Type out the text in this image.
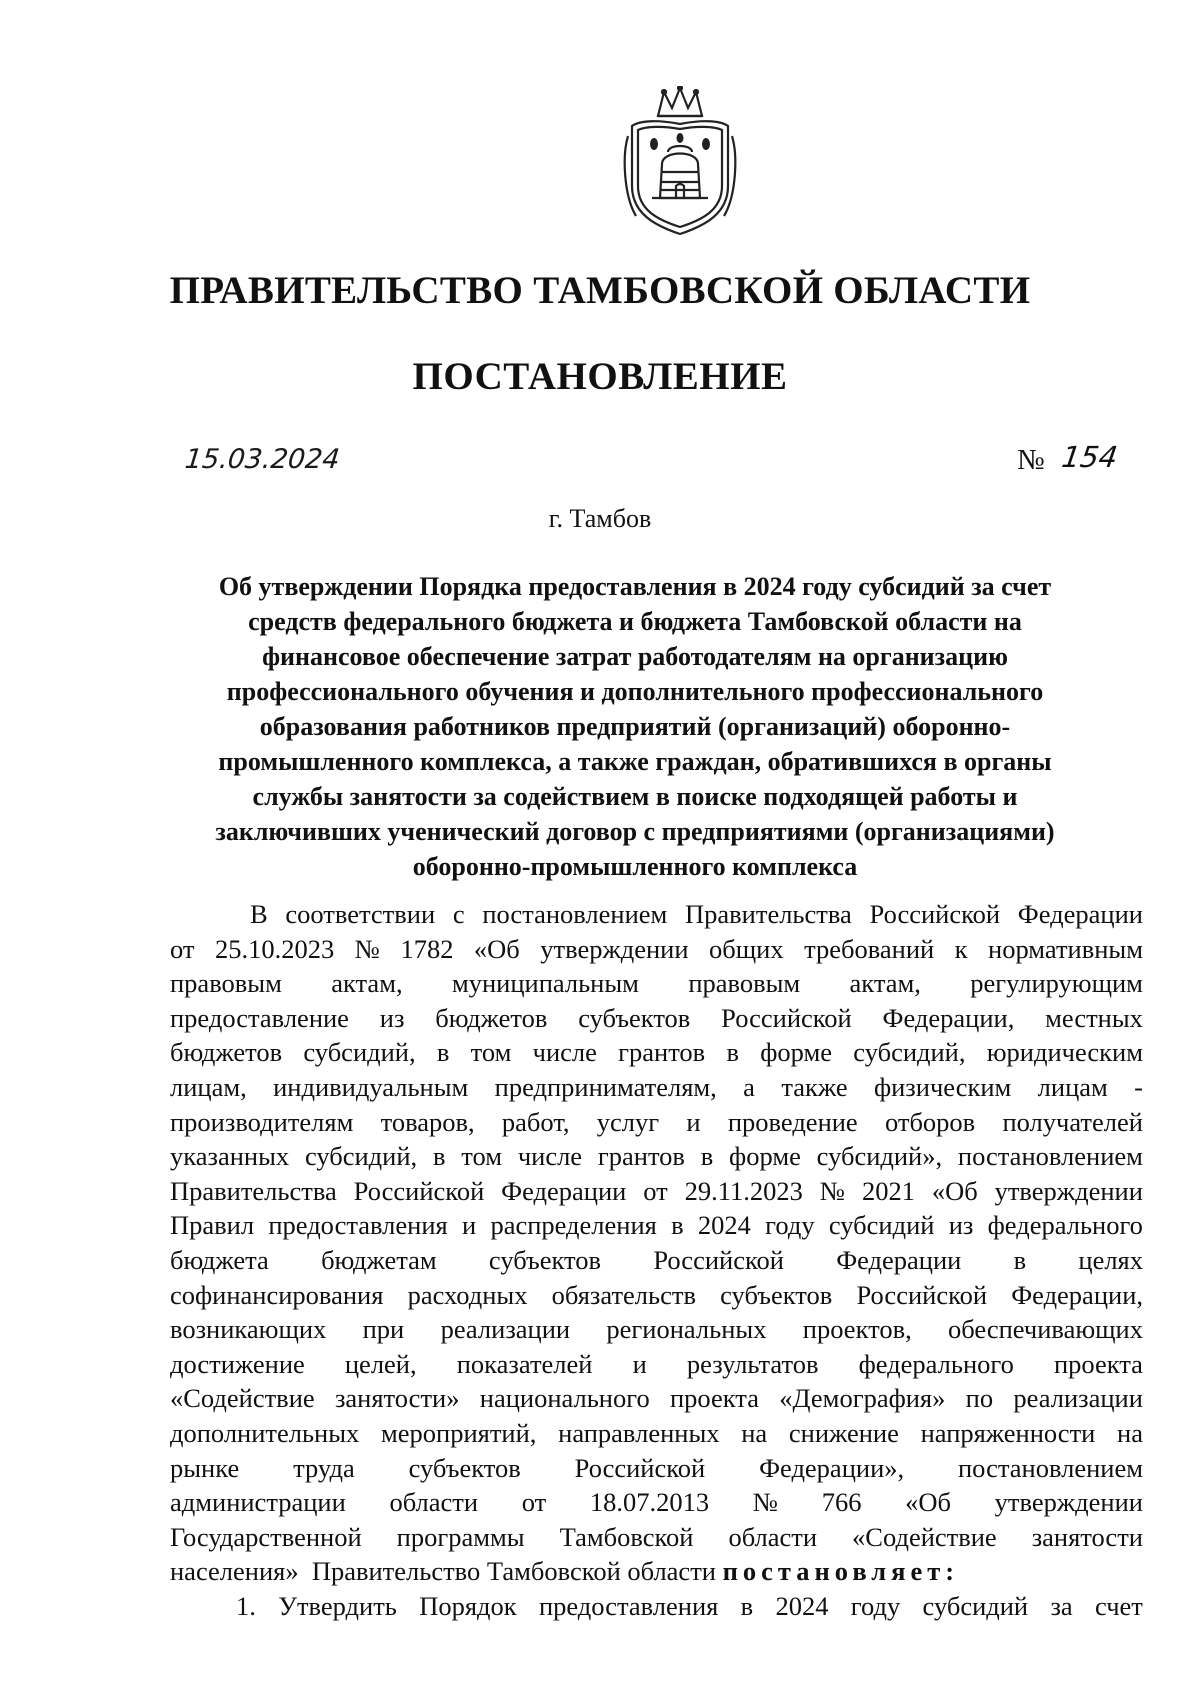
ПРАВИТЕЛЬСТВО ТАМБОВСКОЙ ОБЛАСТИ
ПОСТАНОВЛЕНИЕ
15.03.2024	№ 154
г. Тамбов
Об утверждении Порядка предоставления в 2024 году субсидий за счет
средств федерального бюджета и бюджета Тамбовской области на
финансовое обеспечение затрат работодателям на организацию
профессионального обучения и дополнительного профессионального
образования работников предприятий (организаций) оборонно-
промышленного комплекса, а также граждан, обратившихся в органы
службы занятости за содействием в поиске подходящей работы и
заключивших ученический договор с предприятиями (организациями)
оборонно-промышленного комплекса
В соответствии с постановлением Правительства Российской Федерации
от 25.10.2023 № 1782 «Об утверждении общих требований к нормативным
правовым актам, муниципальным правовым актам, регулирующим
предоставление из бюджетов субъектов Российской Федерации, местных
бюджетов субсидий, в том числе грантов в форме субсидий, юридическим
лицам, индивидуальным предпринимателям, а также физическим лицам -
производителям товаров, работ, услуг и проведение отборов получателей
указанных субсидий, в том числе грантов в форме субсидий», постановлением
Правительства Российской Федерации от 29.11.2023 № 2021 «Об утверждении
Правил предоставления и распределения в 2024 году субсидий из федерального
бюджета бюджетам субъектов Российской Федерации в целях
софинансирования расходных обязательств субъектов Российской Федерации,
возникающих при реализации региональных проектов, обеспечивающих
достижение целей, показателей и результатов федерального проекта
«Содействие занятости» национального проекта «Демография» по реализации
дополнительных мероприятий, направленных на снижение напряженности на
рынке труда субъектов Российской Федерации», постановлением
администрации области от 18.07.2013 № 766 «Об утверждении
Государственной программы Тамбовской области «Содействие занятости
населения»  Правительство Тамбовской области постановляет :
1. Утвердить Порядок предоставления в 2024 году субсидий за счет
